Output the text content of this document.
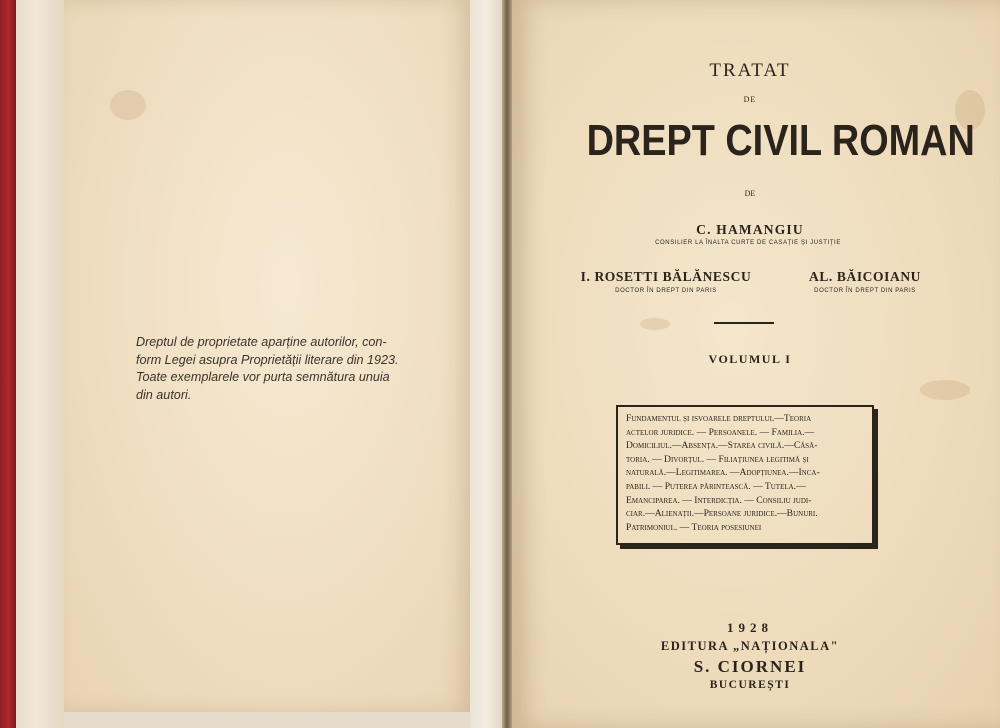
Dreptul de proprietate aparține autorilor, con-
form Legei asupra Proprietății literare din 1923.
Toate exemplarele vor purta semnătura unuia
din autori.

TRATAT
DE
DREPT CIVIL ROMAN
DE
C. HAMANGIU
CONSILIER LA ÎNALTA CURTE DE CASAȚIE ȘI JUSTIȚIE
I. ROSETTI BĂLĂNESCU
DOCTOR ÎN DREPT DIN PARIS
AL. BĂICOIANU
DOCTOR ÎN DREPT DIN PARIS
VOLUMUL I

Fundamentul și isvoarele dreptului.—Teoria
actelor juridice. — Persoanele. — Familia.—
Domiciliul.—Absența.—Starea civilă.—Căsă-
toria. — Divorțul. — Filiațiunea legitimă și
naturală.—Legitimarea. —Adopțiunea.—Inca-
pabili. — Puterea părintească. — Tutela.—
Emanciparea. — Interdicția. — Consiliu judi-
ciar.—Alienații.—Persoane juridice.—Bunuri.
Patrimoniul. — Teoria posesiunei

1928
EDITURA „NAȚIONALA"
S. CIORNEI
BUCUREȘTI
